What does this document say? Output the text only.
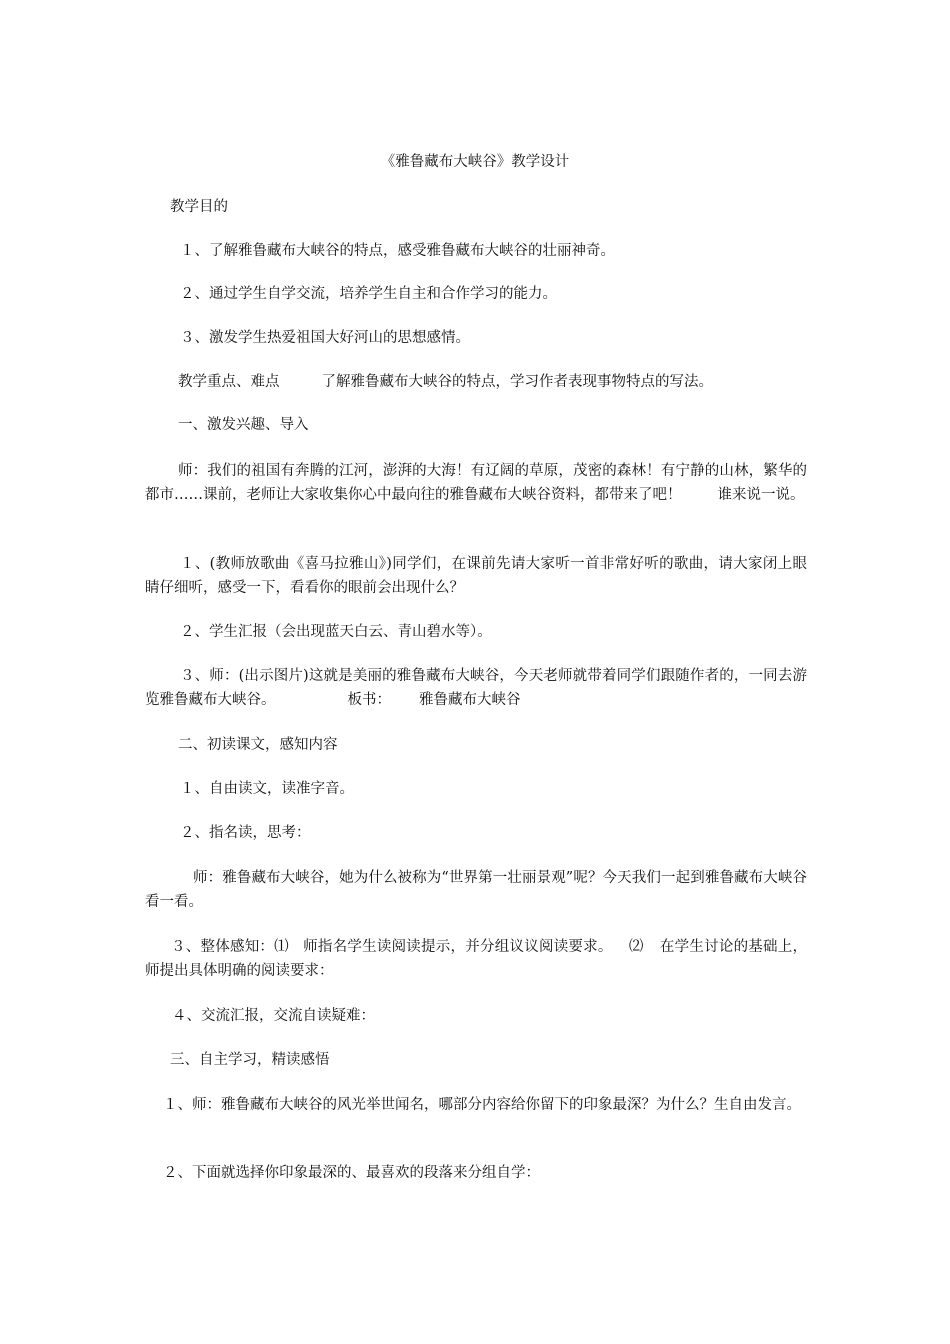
《雅鲁藏布大峡谷》教学设计

教学目的

１、了解雅鲁藏布大峡谷的特点，感受雅鲁藏布大峡谷的壮丽神奇。

２、通过学生自学交流，培养学生自主和合作学习的能力。

３、激发学生热爱祖国大好河山的思想感情。

教学重点、难点	了解雅鲁藏布大峡谷的特点，学习作者表现事物特点的写法。

一、激发兴趣、导入

师：我们的祖国有奔腾的江河，澎湃的大海！有辽阔的草原，茂密的森林！有宁静的山林，繁华的都市……课前，老师让大家收集你心中最向往的雅鲁藏布大峡谷资料，都带来了吧！ 谁来说一说。

１、(教师放歌曲《喜马拉雅山》)同学们，在课前先请大家听一首非常好听的歌曲，请大家闭上眼睛仔细听，感受一下，看看你的眼前会出现什么？

２、学生汇报（会出现蓝天白云、青山碧水等）。

３、师：(出示图片)这就是美丽的雅鲁藏布大峡谷，今天老师就带着同学们跟随作者的，一同去游览雅鲁藏布大峡谷。	板书： 雅鲁藏布大峡谷

二、初读课文，感知内容

１、自由读文，读准字音。

２、指名读，思考：

师：雅鲁藏布大峡谷，她为什么被称为“世界第一壮丽景观”呢？今天我们一起到雅鲁藏布大峡谷看一看。

３、整体感知：⑴ 师指名学生读阅读提示，并分组议议阅读要求。 ⑵ 在学生讨论的基础上，师提出具体明确的阅读要求：

４、交流汇报，交流自读疑难：

三、自主学习，精读感悟

１、师：雅鲁藏布大峡谷的风光举世闻名，哪部分内容给你留下的印象最深？为什么？生自由发言。

２、下面就选择你印象最深的、最喜欢的段落来分组自学：
